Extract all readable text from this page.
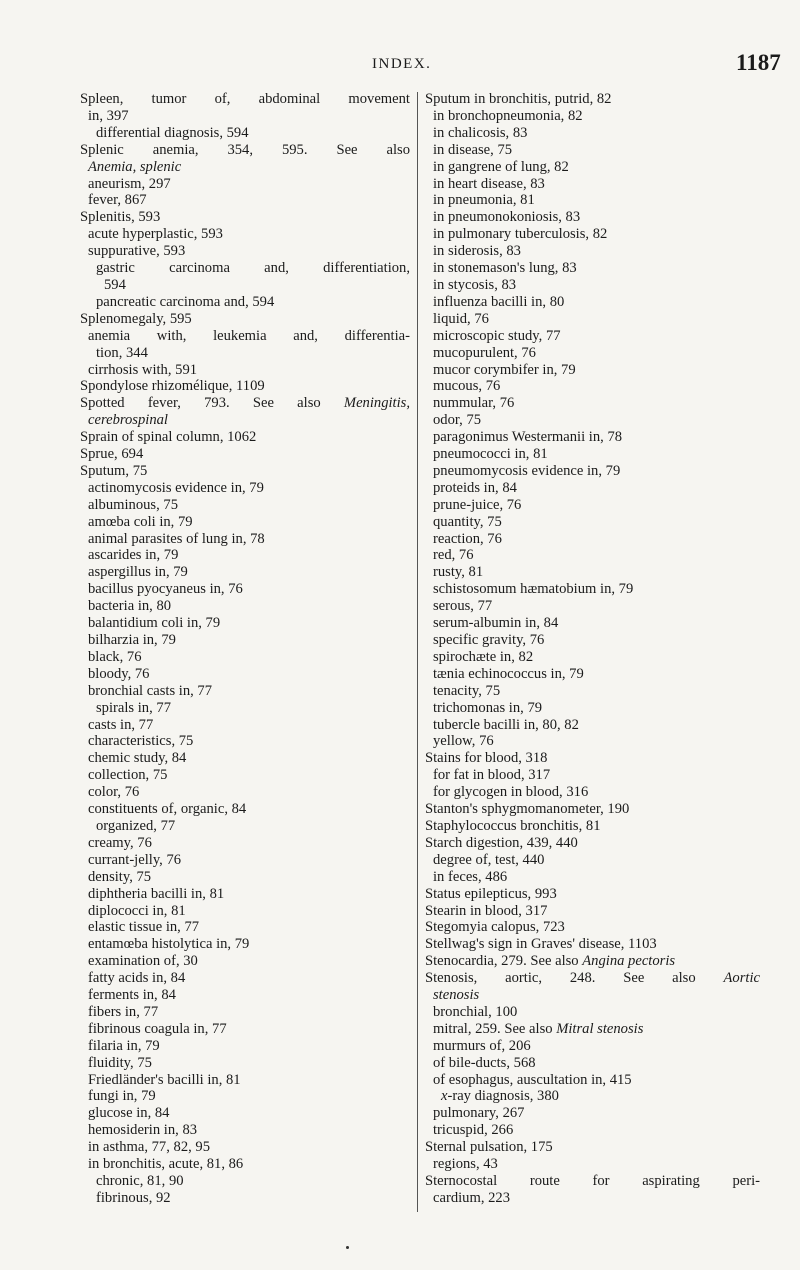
INDEX.	1187
Spleen, tumor of, abdominal movement
in, 397
differential diagnosis, 594
Splenic anemia, 354, 595. See also
Anemia, splenic
aneurism, 297
fever, 867
Splenitis, 593
acute hyperplastic, 593
suppurative, 593
gastric carcinoma and, differentiation,
594
pancreatic carcinoma and, 594
Splenomegaly, 595
anemia with, leukemia and, differentia-
tion, 344
cirrhosis with, 591
Spondylose rhizomélique, 1109
Spotted fever, 793. See also Meningitis,
cerebrospinal
Sprain of spinal column, 1062
Sprue, 694
Sputum, 75
actinomycosis evidence in, 79
albuminous, 75
amœba coli in, 79
animal parasites of lung in, 78
ascarides in, 79
aspergillus in, 79
bacillus pyocyaneus in, 76
bacteria in, 80
balantidium coli in, 79
bilharzia in, 79
black, 76
bloody, 76
bronchial casts in, 77
spirals in, 77
casts in, 77
characteristics, 75
chemic study, 84
collection, 75
color, 76
constituents of, organic, 84
organized, 77
creamy, 76
currant-jelly, 76
density, 75
diphtheria bacilli in, 81
diplococci in, 81
elastic tissue in, 77
entamœba histolytica in, 79
examination of, 30
fatty acids in, 84
ferments in, 84
fibers in, 77
fibrinous coagula in, 77
filaria in, 79
fluidity, 75
Friedländer's bacilli in, 81
fungi in, 79
glucose in, 84
hemosiderin in, 83
in asthma, 77, 82, 95
in bronchitis, acute, 81, 86
chronic, 81, 90
fibrinous, 92
Sputum in bronchitis, putrid, 82
in bronchopneumonia, 82
in chalicosis, 83
in disease, 75
in gangrene of lung, 82
in heart disease, 83
in pneumonia, 81
in pneumonokoniosis, 83
in pulmonary tuberculosis, 82
in siderosis, 83
in stonemason's lung, 83
in stycosis, 83
influenza bacilli in, 80
liquid, 76
microscopic study, 77
mucopurulent, 76
mucor corymbifer in, 79
mucous, 76
nummular, 76
odor, 75
paragonimus Westermanii in, 78
pneumococci in, 81
pneumomycosis evidence in, 79
proteids in, 84
prune-juice, 76
quantity, 75
reaction, 76
red, 76
rusty, 81
schistosomum hæmatobium in, 79
serous, 77
serum-albumin in, 84
specific gravity, 76
spirochæte in, 82
tænia echinococcus in, 79
tenacity, 75
trichomonas in, 79
tubercle bacilli in, 80, 82
yellow, 76
Stains for blood, 318
for fat in blood, 317
for glycogen in blood, 316
Stanton's sphygmomanometer, 190
Staphylococcus bronchitis, 81
Starch digestion, 439, 440
degree of, test, 440
in feces, 486
Status epilepticus, 993
Stearin in blood, 317
Stegomyia calopus, 723
Stellwag's sign in Graves' disease, 1103
Stenocardia, 279. See also Angina pectoris
Stenosis, aortic, 248. See also Aortic
stenosis
bronchial, 100
mitral, 259. See also Mitral stenosis
murmurs of, 206
of bile-ducts, 568
of esophagus, auscultation in, 415
x-ray diagnosis, 380
pulmonary, 267
tricuspid, 266
Sternal pulsation, 175
regions, 43
Sternocostal route for aspirating peri-
cardium, 223
